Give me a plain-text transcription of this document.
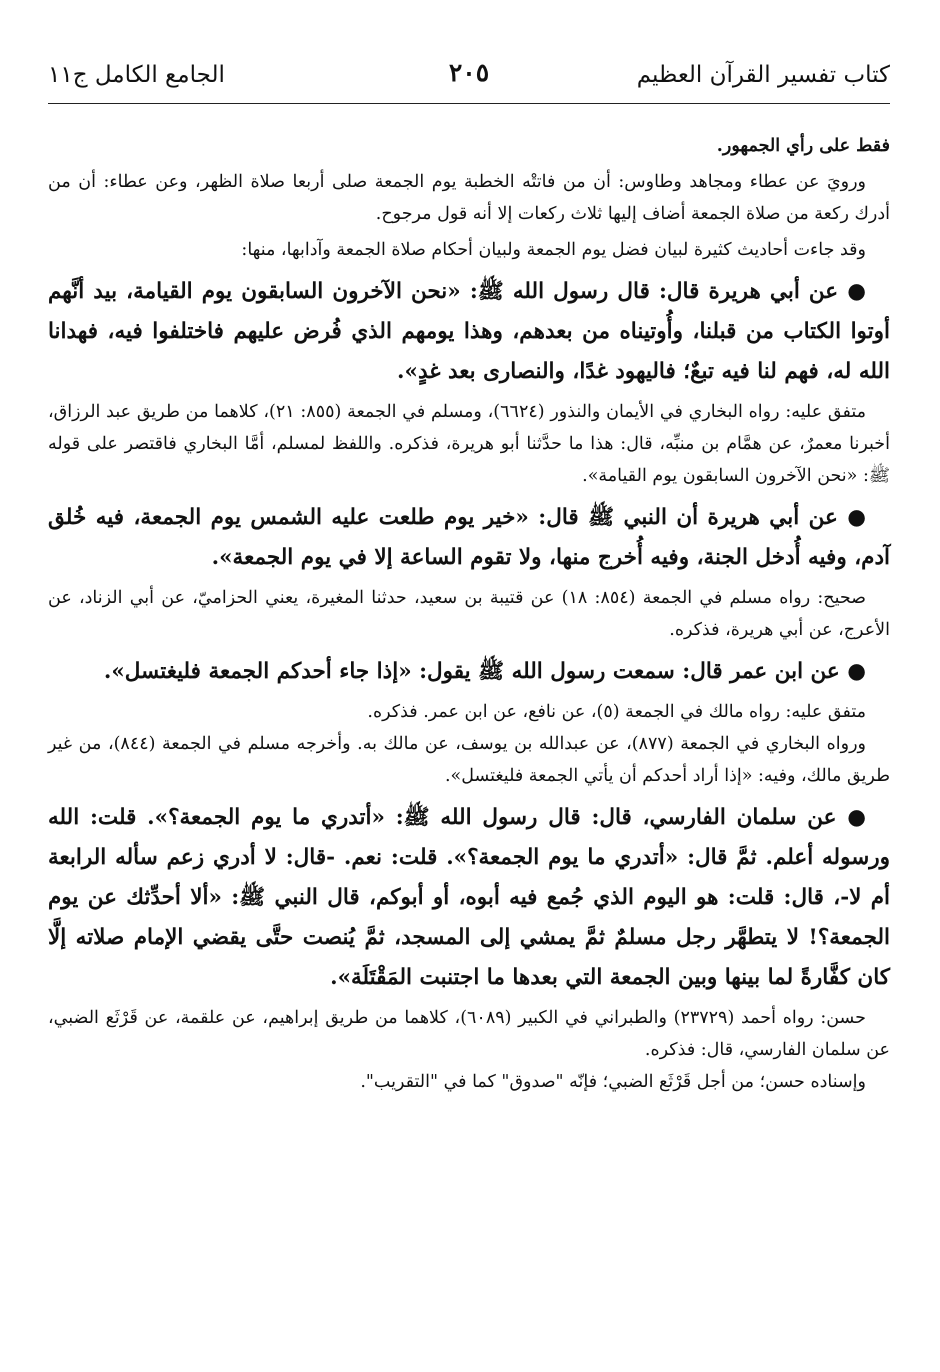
كتاب تفسير القرآن العظيم
٢٠٥
الجامع الكامل ج١١

فقط على رأي الجمهور.

ورويَ عن عطاء ومجاهد وطاوس: أن من فاتتْه الخطبة يوم الجمعة صلى أربعا صلاة الظهر، وعن عطاء: أن من أدرك ركعة من صلاة الجمعة أضاف إليها ثلاث ركعات إلا أنه قول مرجوح.

وقد جاءت أحاديث كثيرة لبيان فضل يوم الجمعة ولبيان أحكام صلاة الجمعة وآدابها، منها:

● عن أبي هريرة قال: قال رسول الله ﷺ: «نحن الآخرون السابقون يوم القيامة، بيد أنَّهم أوتوا الكتاب من قبلنا، وأُوتيناه من بعدهم، وهذا يومهم الذي فُرض عليهم فاختلفوا فيه، فهدانا الله له، فهم لنا فيه تبعٌ؛ فاليهود غدًا، والنصارى بعد غدٍ».

متفق عليه: رواه البخاري في الأيمان والنذور (٦٦٢٤)، ومسلم في الجمعة (٨٥٥: ٢١)، كلاهما من طريق عبد الرزاق، أخبرنا معمرٌ، عن همَّام بن منبِّه، قال: هذا ما حدَّثنا أبو هريرة، فذكره. واللفظ لمسلم، أمَّا البخاري فاقتصر على قوله ﷺ: «نحن الآخرون السابقون يوم القيامة».

● عن أبي هريرة أن النبي ﷺ قال: «خير يوم طلعت عليه الشمس يوم الجمعة، فيه خُلق آدم، وفيه أُدخل الجنة، وفيه أُخرج منها، ولا تقوم الساعة إلا في يوم الجمعة».

صحيح: رواه مسلم في الجمعة (٨٥٤: ١٨) عن قتيبة بن سعيد، حدثنا المغيرة، يعني الحزاميّ، عن أبي الزناد، عن الأعرج، عن أبي هريرة، فذكره.

● عن ابن عمر قال: سمعت رسول الله ﷺ يقول: «إذا جاء أحدكم الجمعة فليغتسل».

متفق عليه: رواه مالك في الجمعة (٥)، عن نافع، عن ابن عمر. فذكره.

ورواه البخاري في الجمعة (٨٧٧)، عن عبدالله بن يوسف، عن مالك به. وأخرجه مسلم في الجمعة (٨٤٤)، من غير طريق مالك، وفيه: «إذا أراد أحدكم أن يأتي الجمعة فليغتسل».

● عن سلمان الفارسي، قال: قال رسول الله ﷺ: «أتدري ما يوم الجمعة؟». قلت: الله ورسوله أعلم. ثمَّ قال: «أتدري ما يوم الجمعة؟». قلت: نعم. -قال: لا أدري زعم سأله الرابعة أم لا-، قال: قلت: هو اليوم الذي جُمع فيه أبوه، أو أبوكم، قال النبي ﷺ: «ألا أحدِّثك عن يوم الجمعة؟! لا يتطهَّر رجل مسلمٌ ثمَّ يمشي إلى المسجد، ثمَّ يُنصت حتَّى يقضي الإمام صلاته إلَّا كان كفَّارةً لما بينها وبين الجمعة التي بعدها ما اجتنبت المَقْتَلَة».

حسن: رواه أحمد (٢٣٧٢٩) والطبراني في الكبير (٦٠٨٩)، كلاهما من طريق إبراهيم، عن علقمة، عن قَرْثَع الضبي، عن سلمان الفارسي، قال: فذكره.

وإسناده حسن؛ من أجل قَرْثَع الضبي؛ فإنّه "صدوق" كما في "التقريب".
